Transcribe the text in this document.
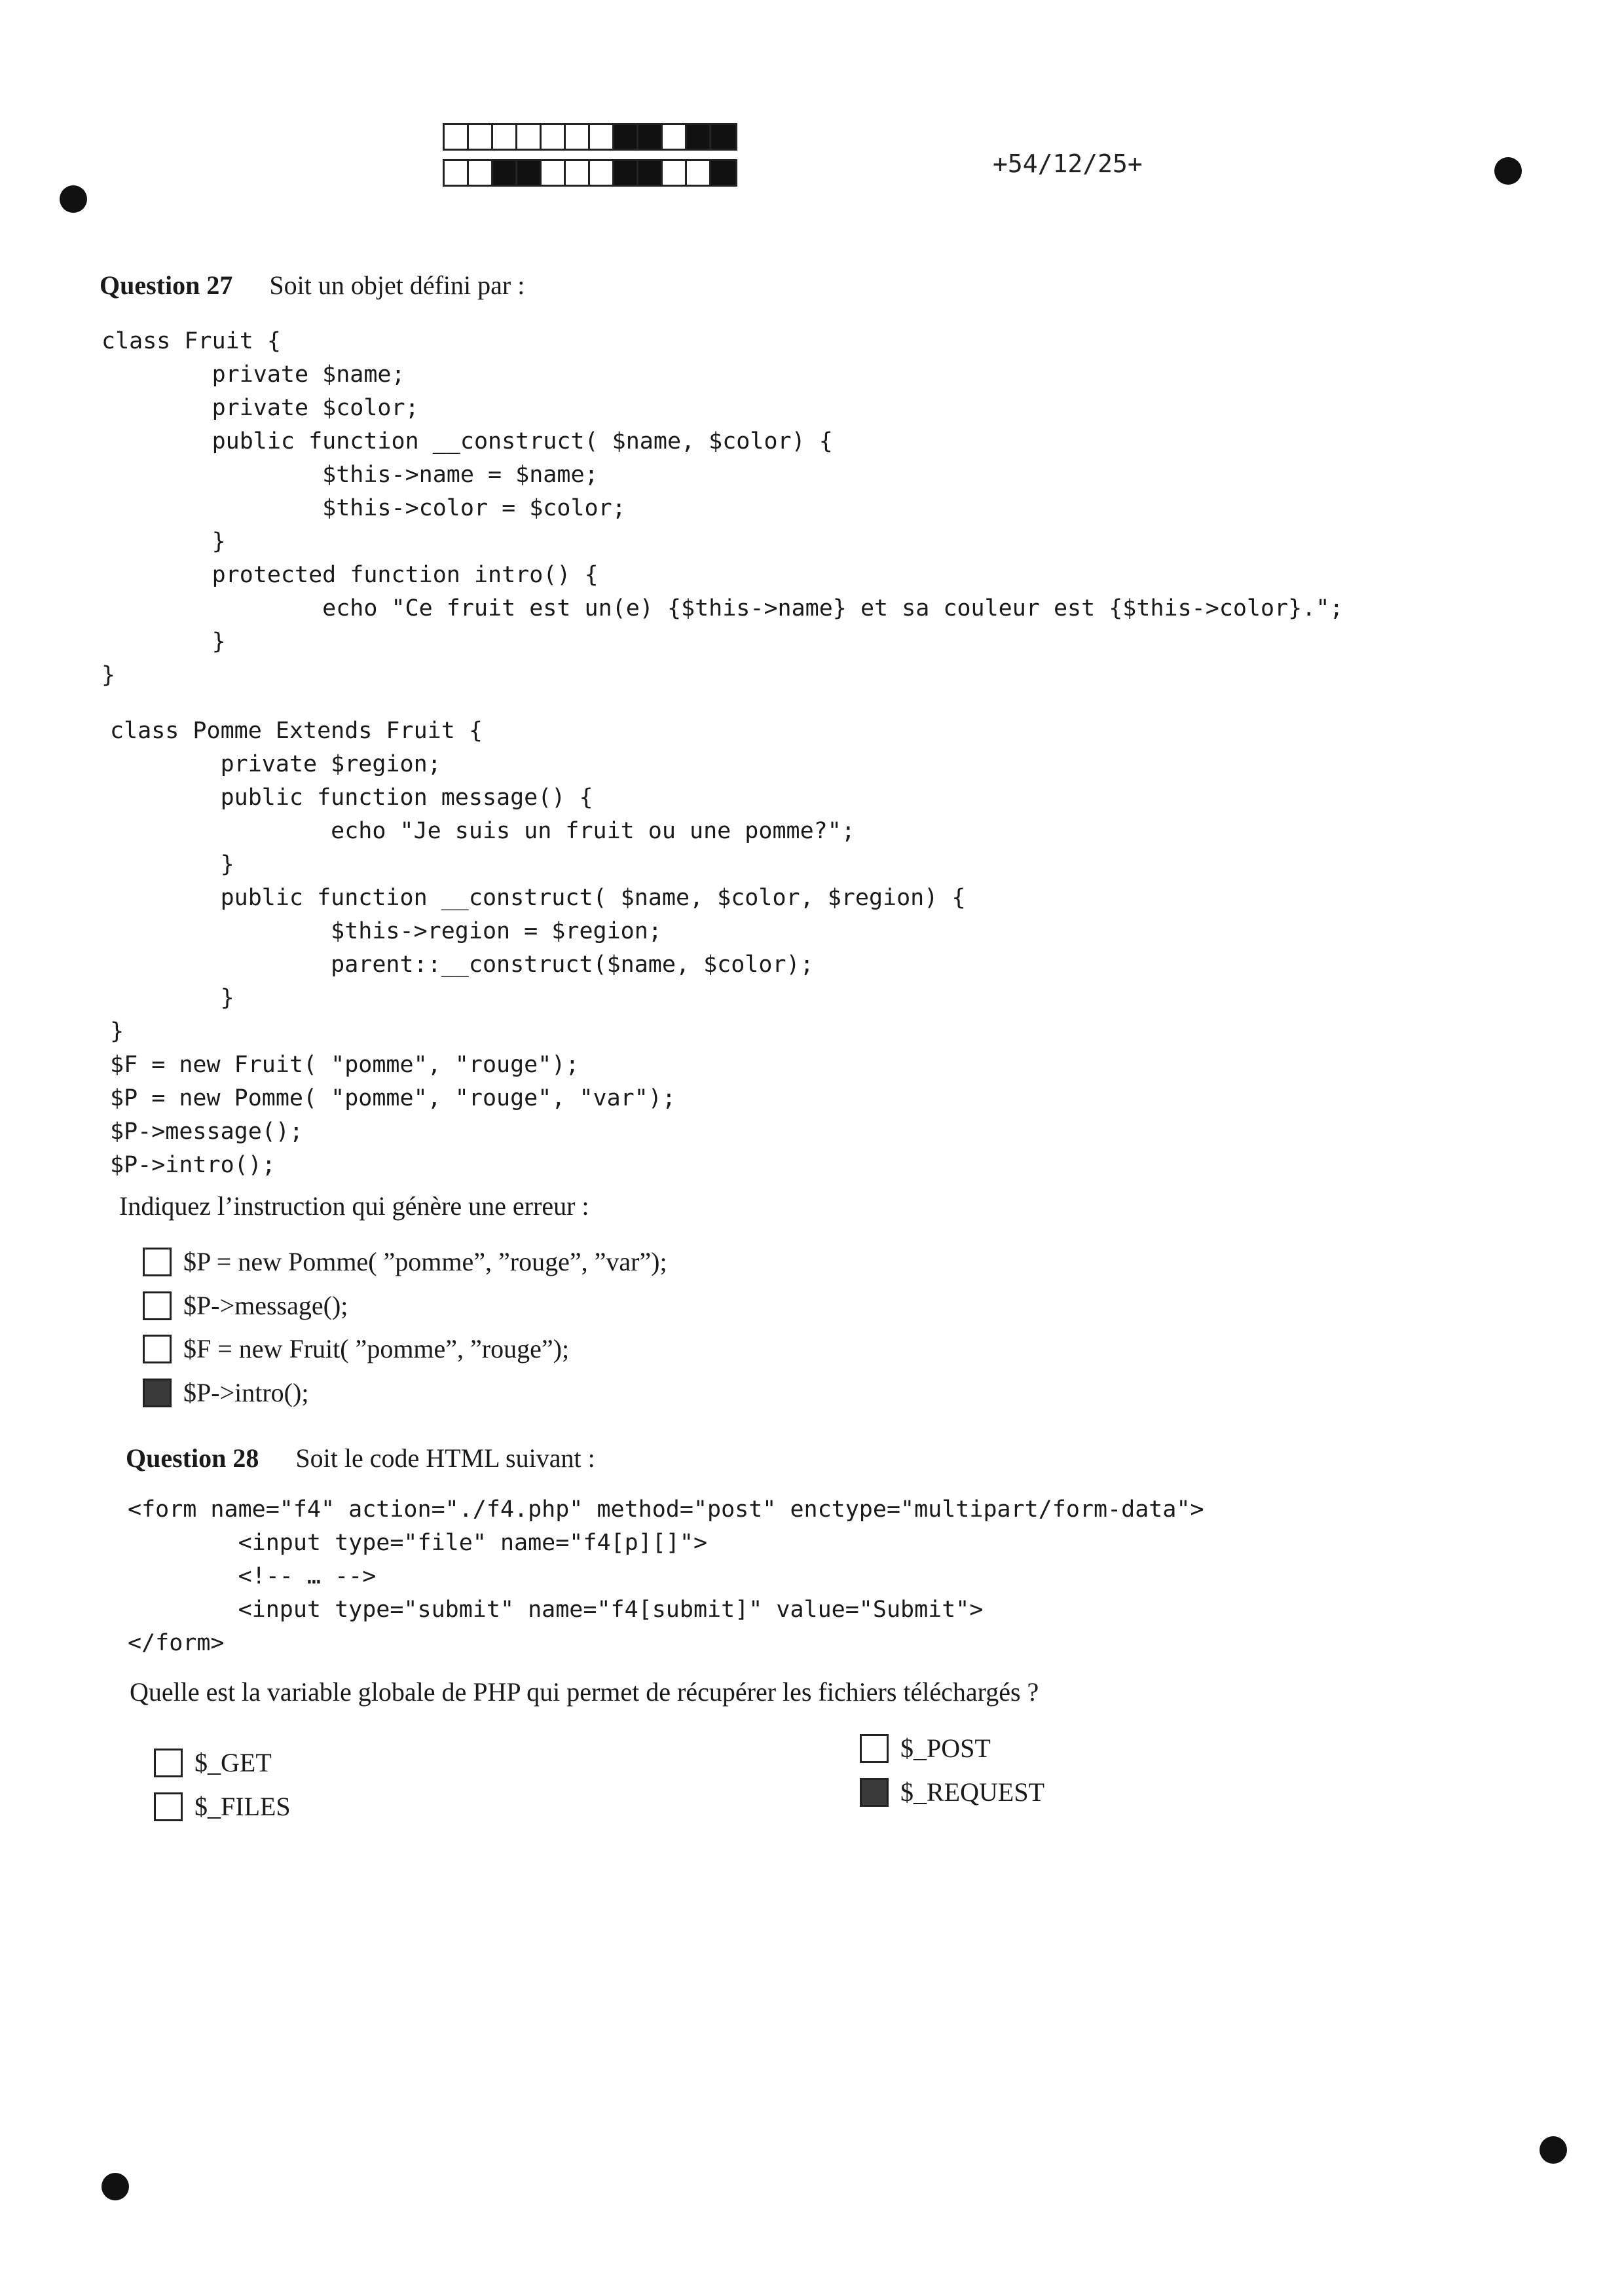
+54/12/25+
Question 27 Soit un objet défini par :
class Fruit {
private $name;
private $color;
public function __construct( $name, $color) {
$this->name = $name;
$this->color = $color;
}
protected function intro() {
echo "Ce fruit est un(e) {$this->name} et sa couleur est {$this->color}.";
}
}
class Pomme Extends Fruit {
private $region;
public function message() {
echo "Je suis un fruit ou une pomme?";
}
public function __construct( $name, $color, $region) {
$this->region = $region;
parent::__construct($name, $color);
}
}
$F = new Fruit( "pomme", "rouge");
$P = new Pomme( "pomme", "rouge", "var");
$P->message();
$P->intro();
Indiquez l’instruction qui génère une erreur :
$P = new Pomme( ”pomme”, ”rouge”, ”var”);
$P->message();
$F = new Fruit( ”pomme”, ”rouge”);
$P->intro();
Question 28 Soit le code HTML suivant :
<form name="f4" action="./f4.php" method="post" enctype="multipart/form-data">
<input type="file" name="f4[p][]">
<!-- … -->
<input type="submit" name="f4[submit]" value="Submit">
</form>
Quelle est la variable globale de PHP qui permet de récupérer les fichiers téléchargés ?
$_GET
$_FILES
$_POST
$_REQUEST
